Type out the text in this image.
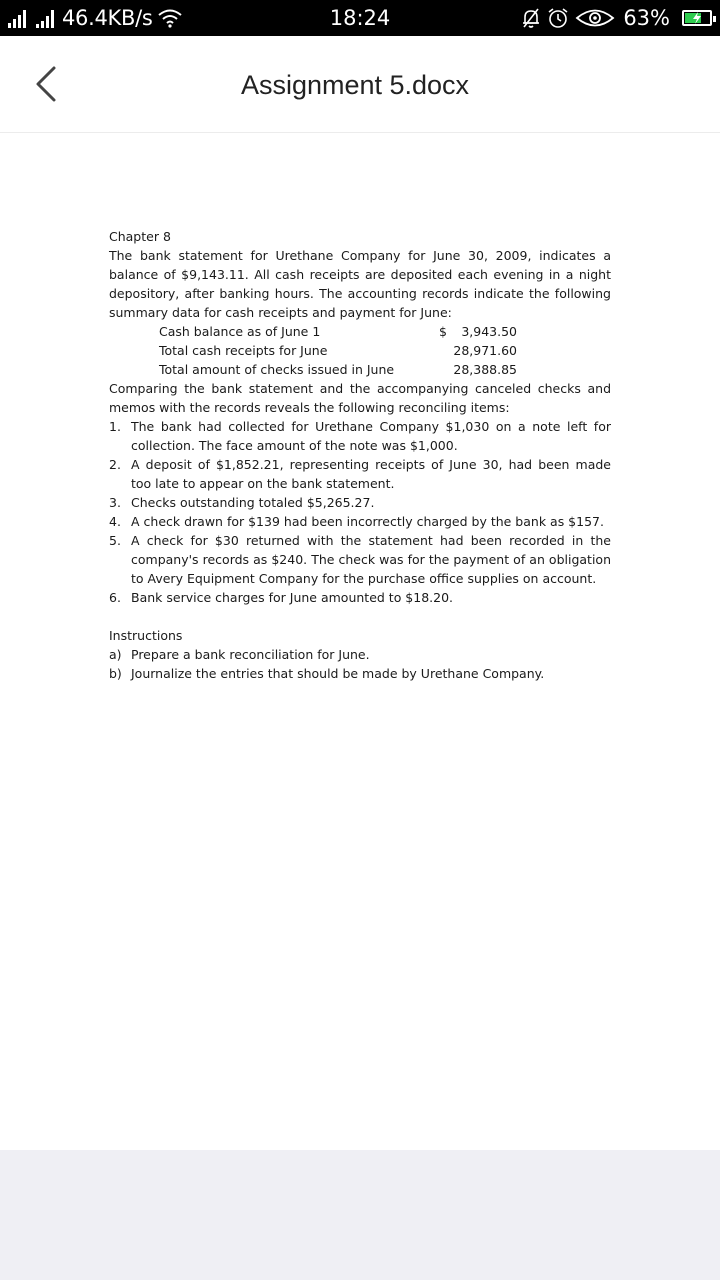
46.4KB/s	18:24	63%
Assignment 5.docx

Chapter 8

The bank statement for Urethane Company for June 30, 2009, indicates a balance of $9,143.11. All cash receipts are deposited each evening in a night depository, after banking hours. The accounting records indicate the following summary data for cash receipts and payment for June:

Cash balance as of June 1	$ 3,943.50
Total cash receipts for June	28,971.60
Total amount of checks issued in June	28,388.85

Comparing the bank statement and the accompanying canceled checks and memos with the records reveals the following reconciling items:

1. The bank had collected for Urethane Company $1,030 on a note left for collection. The face amount of the note was $1,000.
2. A deposit of $1,852.21, representing receipts of June 30, had been made too late to appear on the bank statement.
3. Checks outstanding totaled $5,265.27.
4. A check drawn for $139 had been incorrectly charged by the bank as $157.
5. A check for $30 returned with the statement had been recorded in the company's records as $240. The check was for the payment of an obligation to Avery Equipment Company for the purchase office supplies on account.
6. Bank service charges for June amounted to $18.20.

Instructions

a) Prepare a bank reconciliation for June.
b) Journalize the entries that should be made by Urethane Company.
